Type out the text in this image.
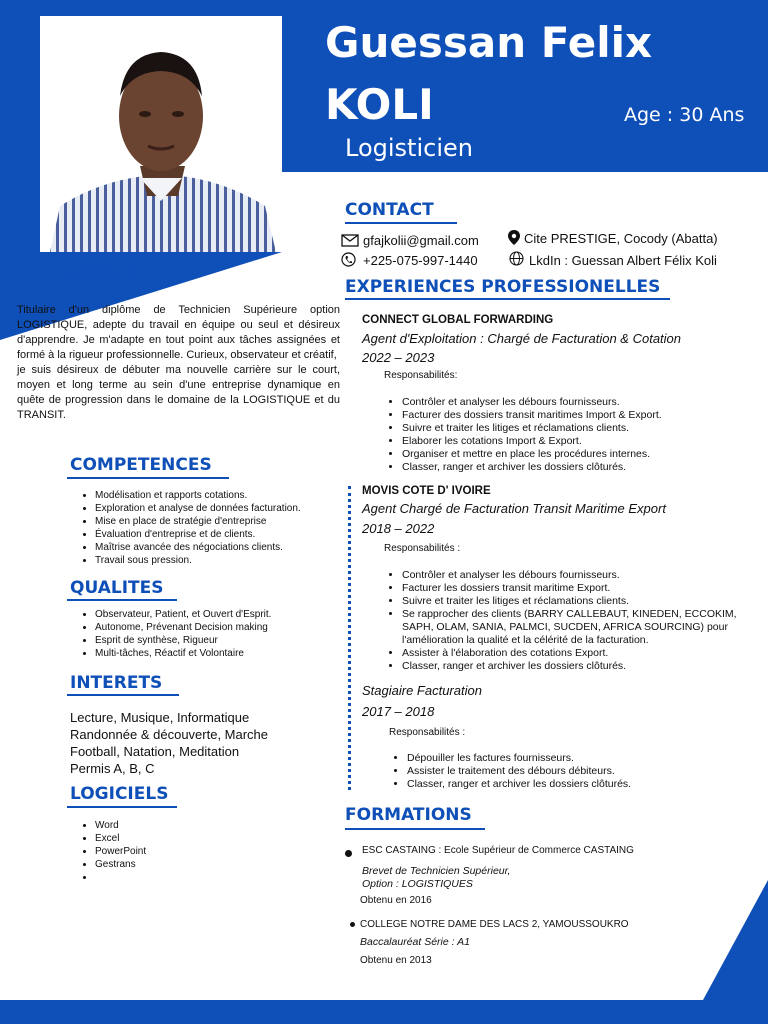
Guessan Felix
KOLI
Logisticien
Age : 30 Ans
CONTACT
gfajkolii@gmail.com	Cite PRESTIGE, Cocody (Abatta)
+225-075-997-1440	LkdIn : Guessan Albert Félix Koli
PROFIL
Titulaire d'un diplôme de Technicien Supérieure option LOGISTIQUE, adepte du travail en équipe ou seul et désireux d'apprendre. Je m'adapte en tout point aux tâches assignées et formé à la rigueur professionnelle. Curieux, observateur et créatif,
je suis désireux de débuter ma nouvelle carrière sur le court, moyen et long terme au sein d'une entreprise dynamique en quête de progression dans le domaine de la LOGISTIQUE et du TRANSIT.
COMPETENCES
• Modélisation et rapports cotations.
• Exploration et analyse de données facturation.
• Mise en place de stratégie d'entreprise
• Évaluation d'entreprise et de clients.
• Maîtrise avancée des négociations clients.
• Travail sous pression.
QUALITES
• Observateur, Patient, et Ouvert d'Esprit.
• Autonome, Prévenant Decision making
• Esprit de synthèse, Rigueur
• Multi-tâches, Réactif et Volontaire
INTERETS
Lecture, Musique, Informatique
Randonnée & découverte, Marche
Football, Natation, Meditation
Permis A, B, C
LOGICIELS
• Word
• Excel
• PowerPoint
• Gestrans
•
EXPERIENCES PROFESSIONELLES
CONNECT GLOBAL FORWARDING
Agent d'Exploitation : Chargé de Facturation & Cotation
2022 – 2023
Responsabilités:
• Contrôler et analyser les débours fournisseurs.
• Facturer des dossiers transit maritimes Import & Export.
• Suivre et traiter les litiges et réclamations clients.
• Elaborer les cotations Import & Export.
• Organiser et mettre en place les procédures internes.
• Classer, ranger et archiver les dossiers clôturés.
MOVIS COTE D' IVOIRE
Agent Chargé de Facturation Transit Maritime Export
2018 – 2022
Responsabilités :
• Contrôler et analyser les débours fournisseurs.
• Facturer les dossiers transit maritime Export.
• Suivre et traiter les litiges et réclamations clients.
• Se rapprocher des clients (BARRY CALLEBAUT, KINEDEN, ECCOKIM, SAPH, OLAM, SANIA, PALMCI, SUCDEN, AFRICA SOURCING) pour l'amélioration la qualité et la célérité de la facturation.
• Assister à l'élaboration des cotations Export.
• Classer, ranger et archiver les dossiers clôturés.
Stagiaire Facturation
2017 – 2018
Responsabilités :
• Dépouiller les factures fournisseurs.
• Assister le traitement des débours débiteurs.
• Classer, ranger et archiver les dossiers clôturés.
FORMATIONS
ESC CASTAING : Ecole Supérieur de Commerce CASTAING
Brevet de Technicien Supérieur,
Option : LOGISTIQUES
Obtenu en 2016
COLLEGE NOTRE DAME DES LACS 2, YAMOUSSOUKRO
Baccalauréat Série : A1
Obtenu en 2013
